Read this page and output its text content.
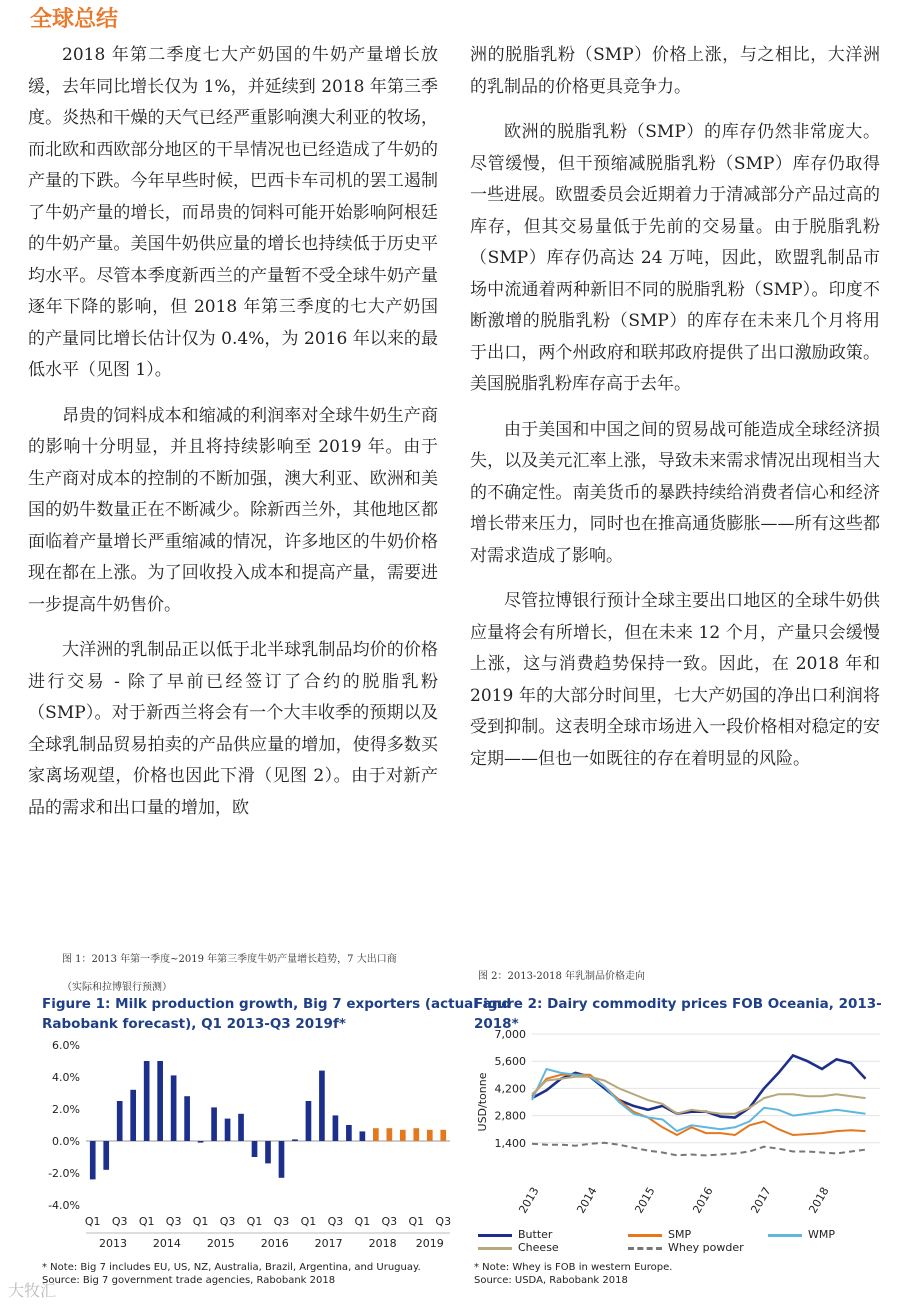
全球总结

2018 年第二季度七大产奶国的牛奶产量增长放缓，去年同比增长仅为 1%，并延续到 2018 年第三季度。炎热和干燥的天气已经严重影响澳大利亚的牧场，而北欧和西欧部分地区的干旱情况也已经造成了牛奶的产量的下跌。今年早些时候，巴西卡车司机的罢工遏制了牛奶产量的增长，而昂贵的饲料可能开始影响阿根廷的牛奶产量。美国牛奶供应量的增长也持续低于历史平均水平。尽管本季度新西兰的产量暂不受全球牛奶产量逐年下降的影响，但 2018 年第三季度的七大产奶国的产量同比增长估计仅为 0.4%，为 2016 年以来的最低水平（见图 1）。

昂贵的饲料成本和缩减的利润率对全球牛奶生产商的影响十分明显，并且将持续影响至 2019 年。由于生产商对成本的控制的不断加强，澳大利亚、欧洲和美国的奶牛数量正在不断减少。除新西兰外，其他地区都面临着产量增长严重缩减的情况，许多地区的牛奶价格现在都在上涨。为了回收投入成本和提高产量，需要进一步提高牛奶售价。

大洋洲的乳制品正以低于北半球乳制品均价的价格进行交易 - 除了早前已经签订了合约的脱脂乳粉（SMP）。对于新西兰将会有一个大丰收季的预期以及全球乳制品贸易拍卖的产品供应量的增加，使得多数买家离场观望，价格也因此下滑（见图 2）。由于对新产品的需求和出口量的增加，欧

洲的脱脂乳粉（SMP）价格上涨，与之相比，大洋洲的乳制品的价格更具竞争力。

欧洲的脱脂乳粉（SMP）的库存仍然非常庞大。尽管缓慢，但干预缩减脱脂乳粉（SMP）库存仍取得一些进展。欧盟委员会近期着力于清减部分产品过高的库存，但其交易量低于先前的交易量。由于脱脂乳粉（SMP）库存仍高达 24 万吨，因此，欧盟乳制品市场中流通着两种新旧不同的脱脂乳粉（SMP）。印度不断激增的脱脂乳粉（SMP）的库存在未来几个月将用于出口，两个州政府和联邦政府提供了出口激励政策。美国脱脂乳粉库存高于去年。

由于美国和中国之间的贸易战可能造成全球经济损失，以及美元汇率上涨，导致未来需求情况出现相当大的不确定性。南美货币的暴跌持续给消费者信心和经济增长带来压力，同时也在推高通货膨胀——所有这些都对需求造成了影响。

尽管拉博银行预计全球主要出口地区的全球牛奶供应量将会有所增长，但在未来 12 个月，产量只会缓慢上涨，这与消费趋势保持一致。因此，在 2018 年和 2019 年的大部分时间里，七大产奶国的净出口利润将受到抑制。这表明全球市场进入一段价格相对稳定的安定期——但也一如既往的存在着明显的风险。

图 1：2013 年第一季度~2019 年第三季度牛奶产量增长趋势，7 大出口商
（实际和拉博银行预测）
Figure 1: Milk production growth, Big 7 exporters (actual and
Rabobank forecast), Q1 2013-Q3 2019f*
6.0%
4.0%
2.0%
0.0%
-2.0%
-4.0%
Q1 Q3 Q1 Q3 Q1 Q3 Q1 Q3 Q1 Q3 Q1 Q3 Q1 Q3
2013 2014 2015 2016 2017 2018 2019
* Note: Big 7 includes EU, US, NZ, Australia, Brazil, Argentina, and Uruguay.
Source: Big 7 government trade agencies, Rabobank 2018
图 2：2013-2018 年乳制品价格走向
Figure 2: Dairy commodity prices FOB Oceania, 2013-2018*
7,000
5,600
4,200
2,800
1,400
USD/tonne
2013	2014	2015	2016	2017	2018
Butter	SMP	WMP
Cheese	Whey powder
* Note: Whey is FOB in western Europe.
Source: USDA, Rabobank 2018
大牧汇
